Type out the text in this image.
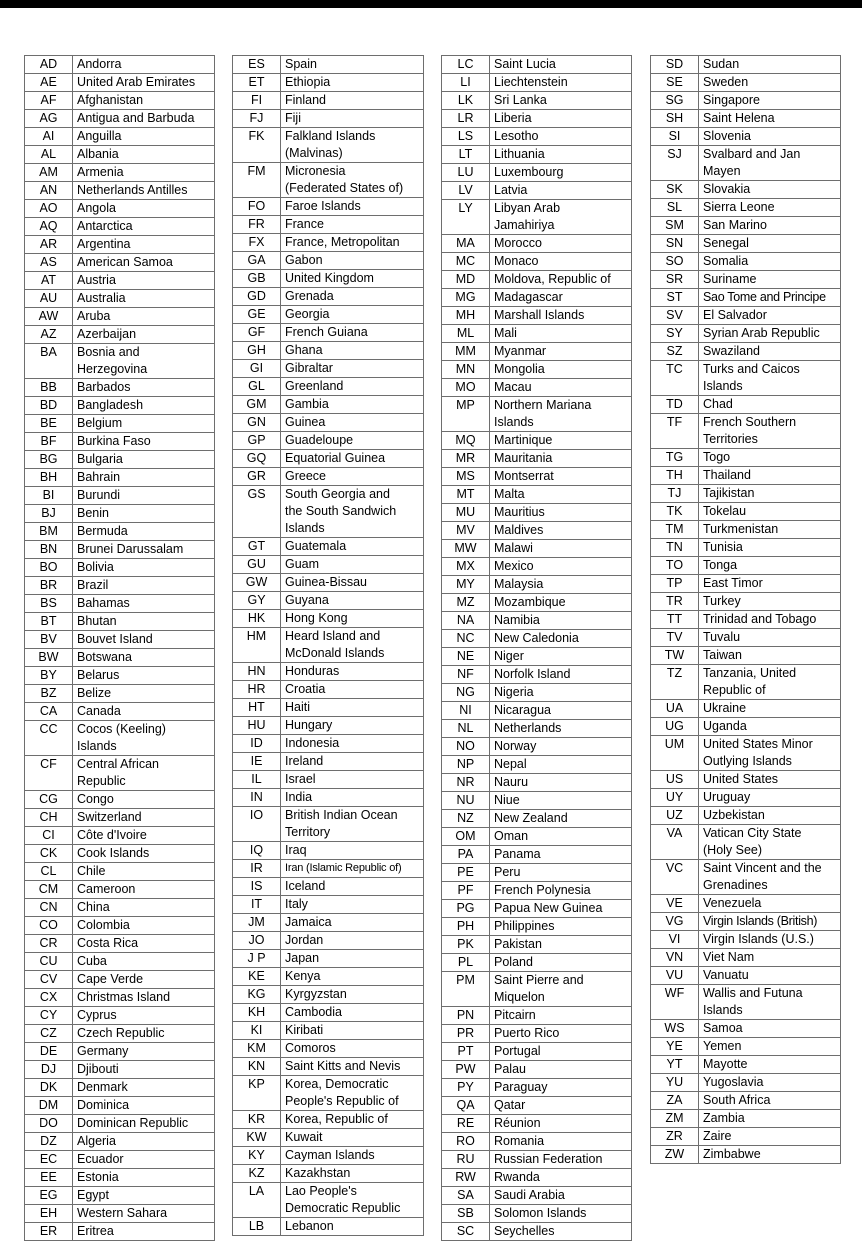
AD	Andorra
AE	United Arab Emirates
AF	Afghanistan
AG	Antigua and Barbuda
AI	Anguilla
AL	Albania
AM	Armenia
AN	Netherlands Antilles
AO	Angola
AQ	Antarctica
AR	Argentina
AS	American Samoa
AT	Austria
AU	Australia
AW	Aruba
AZ	Azerbaijan
BA	Bosnia and
	Herzegovina
BB	Barbados
BD	Bangladesh
BE	Belgium
BF	Burkina Faso
BG	Bulgaria
BH	Bahrain
BI	Burundi
BJ	Benin
BM	Bermuda
BN	Brunei Darussalam
BO	Bolivia
BR	Brazil
BS	Bahamas
BT	Bhutan
BV	Bouvet Island
BW	Botswana
BY	Belarus
BZ	Belize
CA	Canada
CC	Cocos (Keeling)
	Islands
CF	Central African
	Republic
CG	Congo
CH	Switzerland
CI	Côte d'Ivoire
CK	Cook Islands
CL	Chile
CM	Cameroon
CN	China
CO	Colombia
CR	Costa Rica
CU	Cuba
CV	Cape Verde
CX	Christmas Island
CY	Cyprus
CZ	Czech Republic
DE	Germany
DJ	Djibouti
DK	Denmark
DM	Dominica
DO	Dominican Republic
DZ	Algeria
EC	Ecuador
EE	Estonia
EG	Egypt
EH	Western Sahara
ER	Eritrea
ES	Spain
ET	Ethiopia
FI	Finland
FJ	Fiji
FK	Falkland Islands
	(Malvinas)
FM	Micronesia
	(Federated States of)
FO	Faroe Islands
FR	France
FX	France, Metropolitan
GA	Gabon
GB	United Kingdom
GD	Grenada
GE	Georgia
GF	French Guiana
GH	Ghana
GI	Gibraltar
GL	Greenland
GM	Gambia
GN	Guinea
GP	Guadeloupe
GQ	Equatorial Guinea
GR	Greece
GS	South Georgia and
	the South Sandwich
	Islands
GT	Guatemala
GU	Guam
GW	Guinea-Bissau
GY	Guyana
HK	Hong Kong
HM	Heard Island and
	McDonald Islands
HN	Honduras
HR	Croatia
HT	Haiti
HU	Hungary
ID	Indonesia
IE	Ireland
IL	Israel
IN	India
IO	British Indian Ocean
	Territory
IQ	Iraq
IR	Iran (Islamic Republic of)
IS	Iceland
IT	Italy
JM	Jamaica
JO	Jordan
J P	Japan
KE	Kenya
KG	Kyrgyzstan
KH	Cambodia
KI	Kiribati
KM	Comoros
KN	Saint Kitts and Nevis
KP	Korea, Democratic
	People's Republic of
KR	Korea, Republic of
KW	Kuwait
KY	Cayman Islands
KZ	Kazakhstan
LA	Lao People's
	Democratic Republic
LB	Lebanon
LC	Saint Lucia
LI	Liechtenstein
LK	Sri Lanka
LR	Liberia
LS	Lesotho
LT	Lithuania
LU	Luxembourg
LV	Latvia
LY	Libyan Arab
	Jamahiriya
MA	Morocco
MC	Monaco
MD	Moldova, Republic of
MG	Madagascar
MH	Marshall Islands
ML	Mali
MM	Myanmar
MN	Mongolia
MO	Macau
MP	Northern Mariana
	Islands
MQ	Martinique
MR	Mauritania
MS	Montserrat
MT	Malta
MU	Mauritius
MV	Maldives
MW	Malawi
MX	Mexico
MY	Malaysia
MZ	Mozambique
NA	Namibia
NC	New Caledonia
NE	Niger
NF	Norfolk Island
NG	Nigeria
NI	Nicaragua
NL	Netherlands
NO	Norway
NP	Nepal
NR	Nauru
NU	Niue
NZ	New Zealand
OM	Oman
PA	Panama
PE	Peru
PF	French Polynesia
PG	Papua New Guinea
PH	Philippines
PK	Pakistan
PL	Poland
PM	Saint Pierre and
	Miquelon
PN	Pitcairn
PR	Puerto Rico
PT	Portugal
PW	Palau
PY	Paraguay
QA	Qatar
RE	Réunion
RO	Romania
RU	Russian Federation
RW	Rwanda
SA	Saudi Arabia
SB	Solomon Islands
SC	Seychelles
SD	Sudan
SE	Sweden
SG	Singapore
SH	Saint Helena
SI	Slovenia
SJ	Svalbard and Jan
	Mayen
SK	Slovakia
SL	Sierra Leone
SM	San Marino
SN	Senegal
SO	Somalia
SR	Suriname
ST	Sao Tome and Principe
SV	El Salvador
SY	Syrian Arab Republic
SZ	Swaziland
TC	Turks and Caicos
	Islands
TD	Chad
TF	French Southern
	Territories
TG	Togo
TH	Thailand
TJ	Tajikistan
TK	Tokelau
TM	Turkmenistan
TN	Tunisia
TO	Tonga
TP	East Timor
TR	Turkey
TT	Trinidad and Tobago
TV	Tuvalu
TW	Taiwan
TZ	Tanzania, United
	Republic of
UA	Ukraine
UG	Uganda
UM	United States Minor
	Outlying Islands
US	United States
UY	Uruguay
UZ	Uzbekistan
VA	Vatican City State
	(Holy See)
VC	Saint Vincent and the
	Grenadines
VE	Venezuela
VG	Virgin Islands (British)
VI	Virgin Islands (U.S.)
VN	Viet Nam
VU	Vanuatu
WF	Wallis and Futuna
	Islands
WS	Samoa
YE	Yemen
YT	Mayotte
YU	Yugoslavia
ZA	South Africa
ZM	Zambia
ZR	Zaire
ZW	Zimbabwe
